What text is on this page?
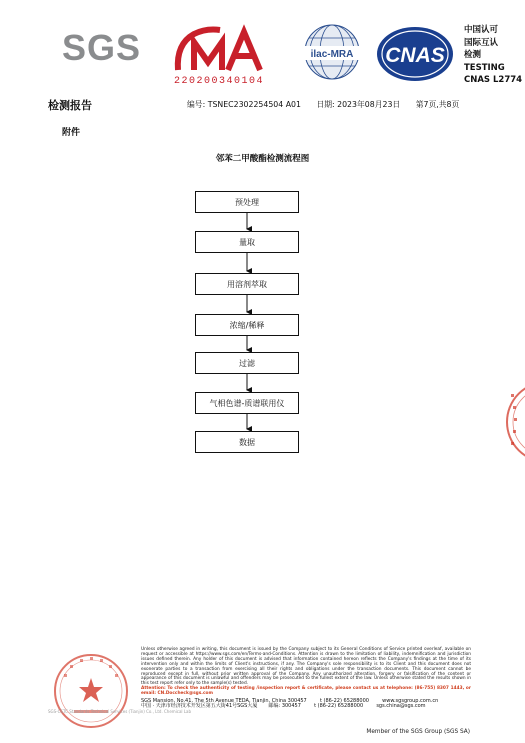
SGS
220200340104
ilac-MRA CNAS
中国认可
国际互认
检测
TESTING
CNAS L2774
检测报告	编号: TSNEC2302254504 A01 日期: 2023年08月23日 第7页,共8页
附件
邻苯二甲酸酯检测流程图
预处理
量取
用溶剂萃取
浓缩/稀释
过滤
气相色谱-质谱联用仪
数据
SGS-CSTC Standards Technical Services (Tianjin) Co., Ltd. Chemical Lab
Unless otherwise agreed in writing, this document is issued by the Company subject to its General Conditions of Service printed overleaf, available on request or accessible at https://www.sgs.com/en/Terms-and-Conditions. Attention is drawn to the limitation of liability, indemnification and jurisdiction issues defined therein. Any holder of this document is advised that information contained hereon reflects the Company's findings at the time of its intervention only and within the limits of Client's instructions, if any. The Company's sole responsibility is to its Client and this document does not exonerate parties to a transaction from exercising all their rights and obligations under the transaction documents. This document cannot be reproduced except in full, without prior written approval of the Company. Any unauthorized alteration, forgery or falsification of the content or appearance of this document is unlawful and offenders may be prosecuted to the fullest extent of the law. Unless otherwise stated the results shown in this test report refer only to the sample(s) tested.
Attention: To check the authenticity of testing /inspection report & certificate, please contact us at telephone: (86-755) 8307 1443, or email: CN.Doccheck@sgs.com
SGS Mansion, No.41, The 5th Avenue TEDA, Tianjin, China 300457	t (86-22) 65288000	www.sgsgroup.com.cn
中国 · 天津市经济技术开发区第五大街41号SGS大厦 邮编: 300457	t (86-22) 65288000	sgs.china@sgs.com
Member of the SGS Group (SGS SA)
